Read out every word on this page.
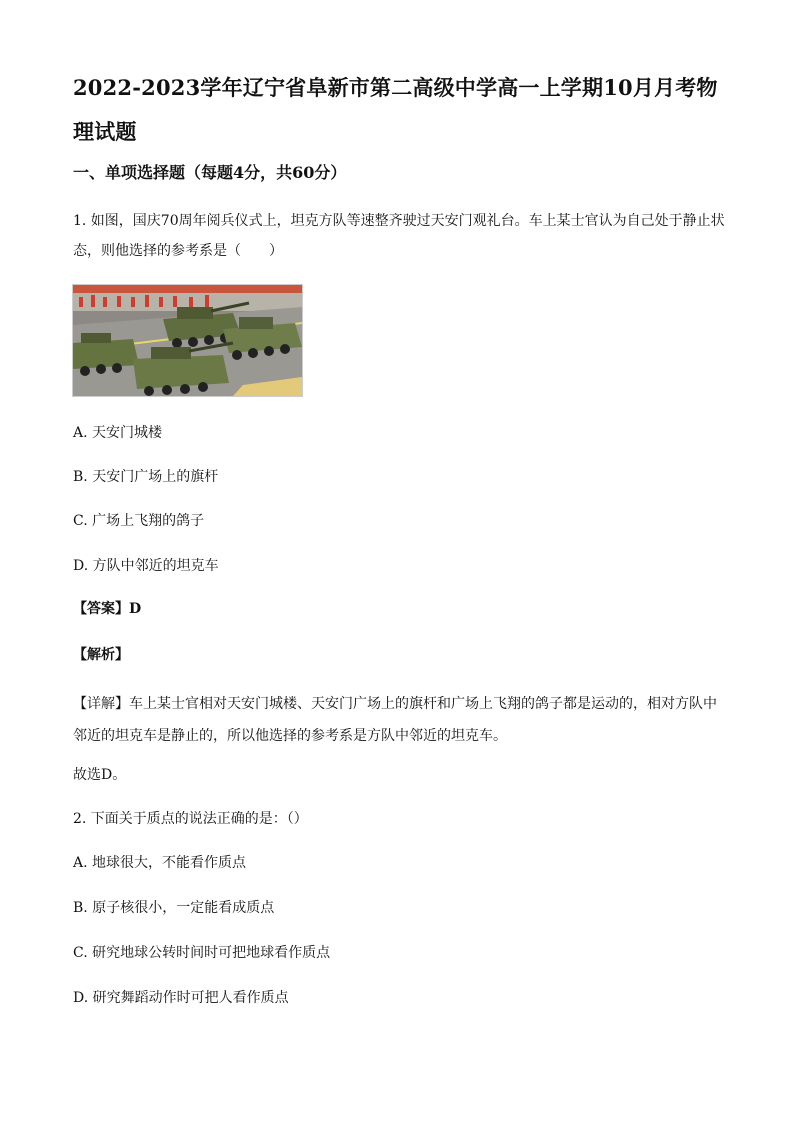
2022-2023学年辽宁省阜新市第二高级中学高一上学期10月月考物理试题
一、单项选择题（每题4分，共60分）
1. 如图，国庆70周年阅兵仪式上，坦克方队等速整齐驶过天安门观礼台。车上某士官认为自己处于静止状态，则他选择的参考系是（　　）
A. 天安门城楼
B. 天安门广场上的旗杆
C. 广场上飞翔的鸽子
D. 方队中邻近的坦克车
【答案】D
【解析】
【详解】车上某士官相对天安门城楼、天安门广场上的旗杆和广场上飞翔的鸽子都是运动的，相对方队中邻近的坦克车是静止的，所以他选择的参考系是方队中邻近的坦克车。
故选D。
2. 下面关于质点的说法正确的是：（）
A. 地球很大，不能看作质点
B. 原子核很小，一定能看成质点
C. 研究地球公转时间时可把地球看作质点
D. 研究舞蹈动作时可把人看作质点
